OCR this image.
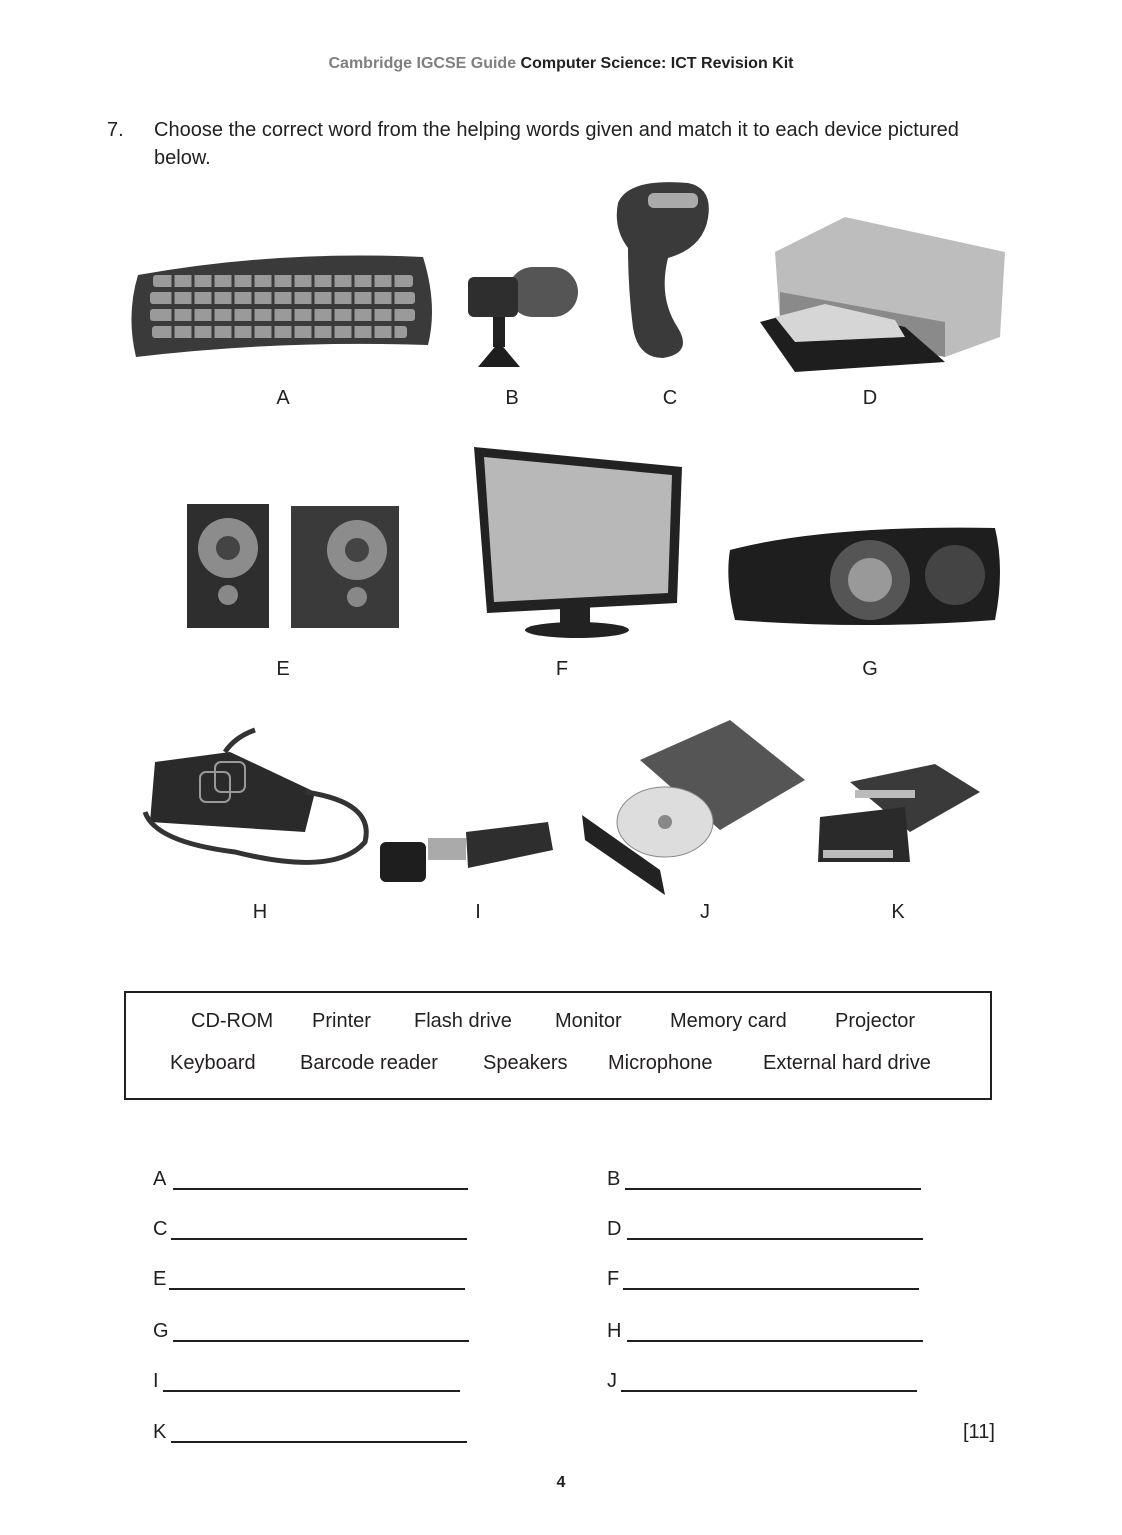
Cambridge IGCSE Guide Computer Science: ICT Revision Kit
7. Choose the correct word from the helping words given and match it to each device pictured below.
A	B	C	D
E	F	G
H	I	J	K
CD-ROM Printer Flash drive Monitor Memory card Projector
Keyboard Barcode reader Speakers Microphone	External hard drive
A	B
C	D
E	F
G	H
I	J
K	[11]
4
